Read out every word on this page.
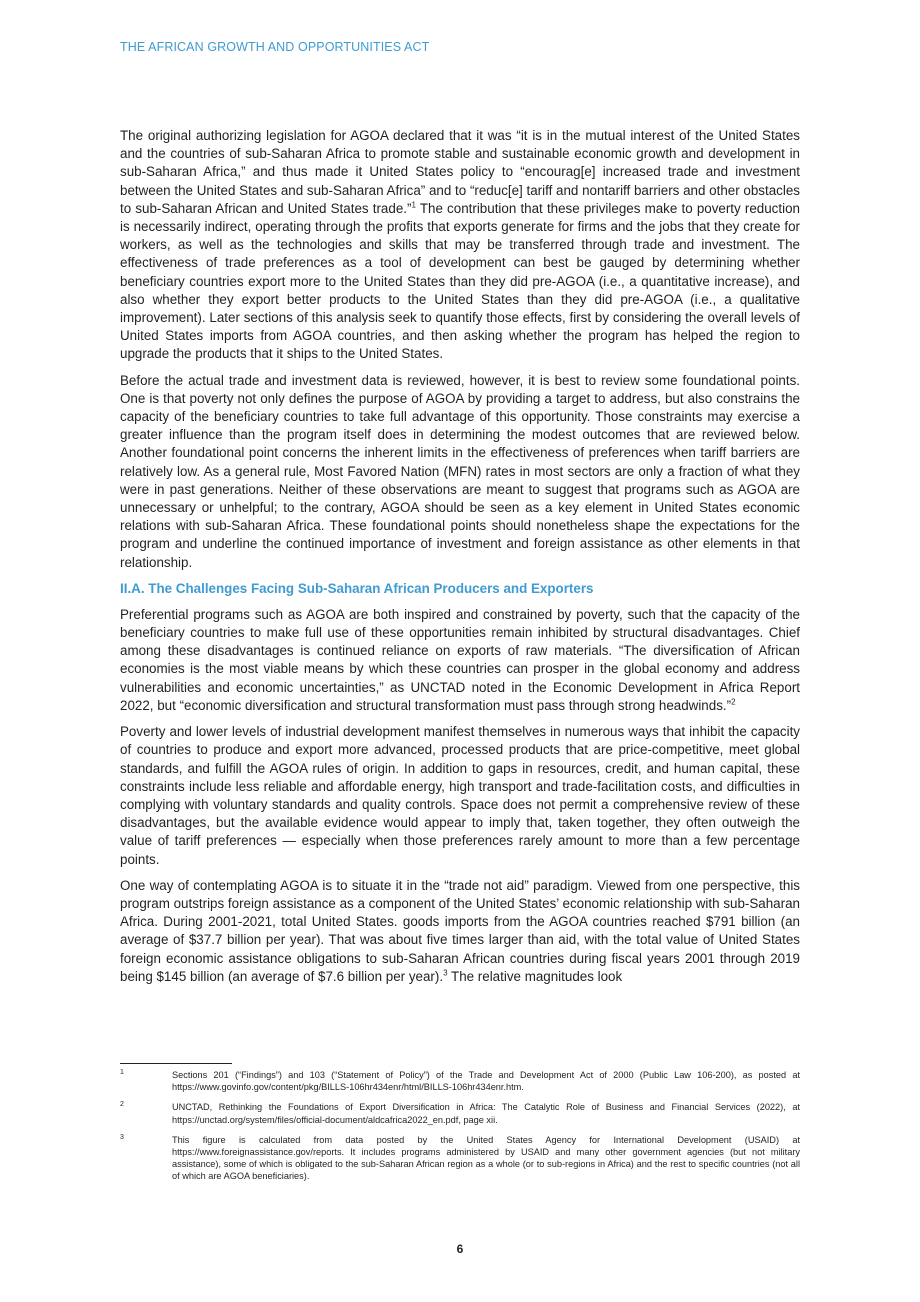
THE AFRICAN GROWTH AND OPPORTUNITIES ACT

The original authorizing legislation for AGOA declared that it was “it is in the mutual interest of the United States and the countries of sub-Saharan Africa to promote stable and sustainable economic growth and development in sub-Saharan Africa,” and thus made it United States policy to “encourag[e] increased trade and investment between the United States and sub-Saharan Africa” and to “reduc[e] tariff and nontariff barriers and other obstacles to sub-Saharan African and United States trade.”$^1$ The contribution that these privileges make to poverty reduction is necessarily indirect, operating through the profits that exports generate for firms and the jobs that they create for workers, as well as the technologies and skills that may be transferred through trade and investment. The effectiveness of trade preferences as a tool of development can best be gauged by determining whether beneficiary countries export more to the United States than they did pre-AGOA (i.e., a quantitative increase), and also whether they export better products to the United States than they did pre-AGOA (i.e., a qualitative improvement). Later sections of this analysis seek to quantify those effects, first by considering the overall levels of United States imports from AGOA countries, and then asking whether the program has helped the region to upgrade the products that it ships to the United States.

Before the actual trade and investment data is reviewed, however, it is best to review some foundational points. One is that poverty not only defines the purpose of AGOA by providing a target to address, but also constrains the capacity of the beneficiary countries to take full advantage of this opportunity. Those constraints may exercise a greater influence than the program itself does in determining the modest outcomes that are reviewed below. Another foundational point concerns the inherent limits in the effectiveness of preferences when tariff barriers are relatively low. As a general rule, Most Favored Nation (MFN) rates in most sectors are only a fraction of what they were in past generations. Neither of these observations are meant to suggest that programs such as AGOA are unnecessary or unhelpful; to the contrary, AGOA should be seen as a key element in United States economic relations with sub-Saharan Africa. These foundational points should nonetheless shape the expectations for the program and underline the continued importance of investment and foreign assistance as other elements in that relationship.

II.A. The Challenges Facing Sub-Saharan African Producers and Exporters

Preferential programs such as AGOA are both inspired and constrained by poverty, such that the capacity of the beneficiary countries to make full use of these opportunities remain inhibited by structural disadvantages. Chief among these disadvantages is continued reliance on exports of raw materials. “The diversification of African economies is the most viable means by which these countries can prosper in the global economy and address vulnerabilities and economic uncertainties,” as UNCTAD noted in the Economic Development in Africa Report 2022, but “economic diversification and structural transformation must pass through strong headwinds.”$^2$

Poverty and lower levels of industrial development manifest themselves in numerous ways that inhibit the capacity of countries to produce and export more advanced, processed products that are price-competitive, meet global standards, and fulfill the AGOA rules of origin. In addition to gaps in resources, credit, and human capital, these constraints include less reliable and affordable energy, high transport and trade-facilitation costs, and difficulties in complying with voluntary standards and quality controls. Space does not permit a comprehensive review of these disadvantages, but the available evidence would appear to imply that, taken together, they often outweigh the value of tariff preferences — especially when those preferences rarely amount to more than a few percentage points.

One way of contemplating AGOA is to situate it in the “trade not aid” paradigm. Viewed from one perspective, this program outstrips foreign assistance as a component of the United States’ economic relationship with sub-Saharan Africa. During 2001-2021, total United States. goods imports from the AGOA countries reached $791 billion (an average of $37.7 billion per year). That was about five times larger than aid, with the total value of United States foreign economic assistance obligations to sub-Saharan African countries during fiscal years 2001 through 2019 being $145 billion (an average of $7.6 billion per year).$^3$ The relative magnitudes look

1	Sections 201 (“Findings”) and 103 (“Statement of Policy”) of the Trade and Development Act of 2000 (Public Law 106-200), as posted at https://www.govinfo.gov/content/pkg/BILLS-106hr434enr/html/BILLS-106hr434enr.htm.
2	UNCTAD, Rethinking the Foundations of Export Diversification in Africa: The Catalytic Role of Business and Financial Services (2022), at https://unctad.org/system/files/official-document/aldcafrica2022_en.pdf, page xii.
3	This figure is calculated from data posted by the United States Agency for International Development (USAID) at https://www.foreignassistance.gov/reports. It includes programs administered by USAID and many other government agencies (but not military assistance), some of which is obligated to the sub-Saharan African region as a whole (or to sub-regions in Africa) and the rest to specific countries (not all of which are AGOA beneficiaries).
6
